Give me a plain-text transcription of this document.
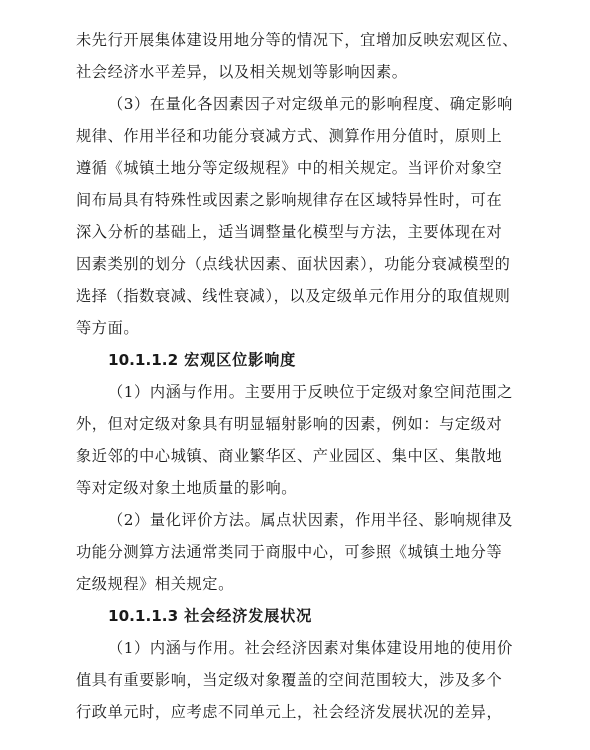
未先行开展集体建设用地分等的情况下，宜增加反映宏观区位、
社会经济水平差异，以及相关规划等影响因素。
（3）在量化各因素因子对定级单元的影响程度、确定影响
规律、作用半径和功能分衰减方式、测算作用分值时，原则上
遵循《城镇土地分等定级规程》中的相关规定。当评价对象空
间布局具有特殊性或因素之影响规律存在区域特异性时，可在
深入分析的基础上，适当调整量化模型与方法，主要体现在对
因素类别的划分（点线状因素、面状因素），功能分衰减模型的
选择（指数衰减、线性衰减），以及定级单元作用分的取值规则
等方面。
10.1.1.2 宏观区位影响度
（1）内涵与作用。主要用于反映位于定级对象空间范围之
外，但对定级对象具有明显辐射影响的因素，例如：与定级对
象近邻的中心城镇、商业繁华区、产业园区、集中区、集散地
等对定级对象土地质量的影响。
（2）量化评价方法。属点状因素，作用半径、影响规律及
功能分测算方法通常类同于商服中心，可参照《城镇土地分等
定级规程》相关规定。
10.1.1.3 社会经济发展状况
（1）内涵与作用。社会经济因素对集体建设用地的使用价
值具有重要影响，当定级对象覆盖的空间范围较大，涉及多个
行政单元时，应考虑不同单元上，社会经济发展状况的差异，
